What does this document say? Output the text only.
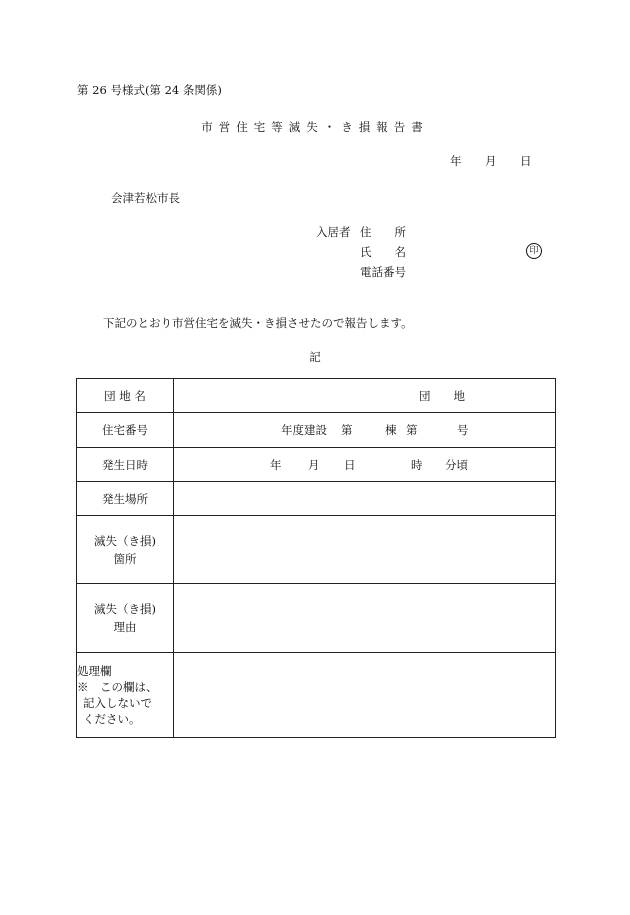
第 26 号様式(第 24 条関係)
市営住宅等滅失・き損報告書
年 月 日
会津若松市長
入居者 住　　所
氏　　名	印
電話番号
下記のとおり市営住宅を滅失・き損させたので報告します。
記
団 地 名	団　　地

住宅番号	年度建設 第 棟 第 号

発生日時	年 月 日 時 分頃

発生場所	

滅失（き損)
箇所	

滅失（き損)
理由	

処理欄
※　この欄は、
記入しないで
ください。	
